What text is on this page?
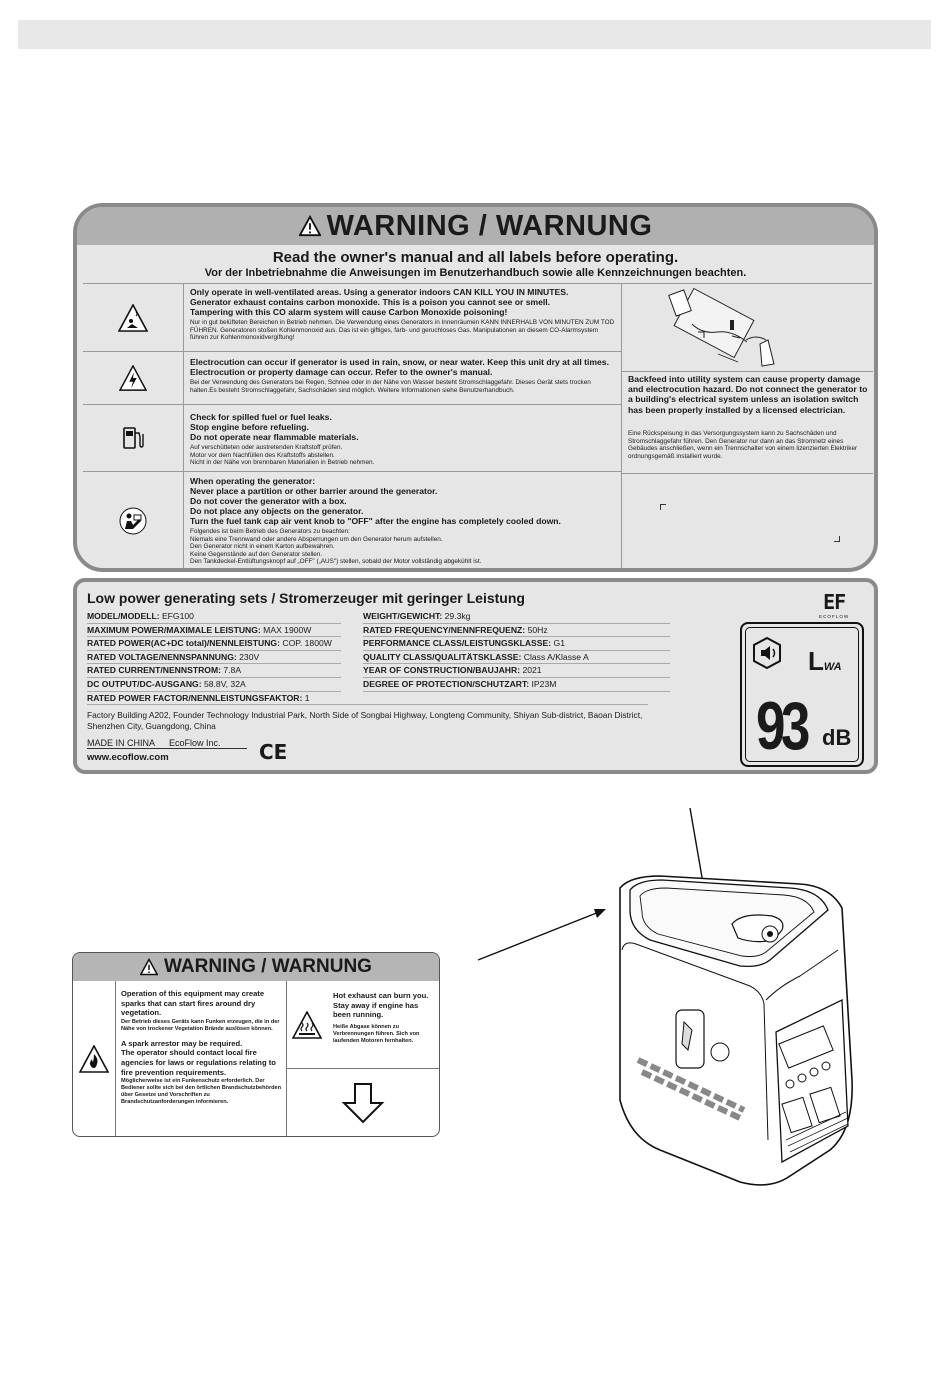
WARNING / WARNUNG
Read the owner's manual and all labels before operating.
Vor der Inbetriebnahme die Anweisungen im Benutzerhandbuch sowie alle Kennzeichnungen beachten.
Only operate in well-ventilated areas. Using a generator indoors CAN KILL YOU IN MINUTES.
Generator exhaust contains carbon monoxide. This is a poison you cannot see or smell.
Tampering with this CO alarm system will cause Carbon Monoxide poisoning!
Nur in gut belüfteten Bereichen in Betrieb nehmen. Die Verwendung eines Generators in Innenräumen KANN INNERHALB VON MINUTEN ZUM TOD FÜHREN. Generatoren stoßen Kohlenmonoxid aus. Das ist ein giftiges, farb- und geruchloses Gas. Manipulationen an diesem CO-Alarmsystem führen zur Kohlenmonoxidvergiftung!
Electrocution can occur if generator is used in rain, snow, or near water. Keep this unit dry at all times.
Electrocution or property damage can occur. Refer to the owner's manual.
Bei der Verwendung des Generators bei Regen, Schnee oder in der Nähe von Wasser besteht Stromschlaggefahr. Dieses Gerät stets trocken halten.Es besteht Stromschlaggefahr, Sachschäden sind möglich. Weitere Informationen siehe Benutzerhandbuch.
Check for spilled fuel or fuel leaks.
Stop engine before refueling.
Do not operate near flammable materials.
Auf verschütteten oder austretenden Kraftstoff prüfen.
Motor vor dem Nachfüllen des Kraftstoffs abstellen.
Nicht in der Nähe von brennbaren Materialien in Betrieb nehmen.
When operating the generator:
Never place a partition or other barrier around the generator.
Do not cover the generator with a box.
Do not place any objects on the generator.
Turn the fuel tank cap air vent knob to "OFF" after the engine has completely cooled down.
Folgendes ist beim Betrieb des Generators zu beachten:
Niemals eine Trennwand oder andere Absperrungen um den Generator herum aufstellen.
Den Generator nicht in einem Karton aufbewahren.
Keine Gegenstände auf den Generator stellen.
Den Tankdeckel-Entlüftungsknopf auf „OFF" („AUS") stellen, sobald der Motor vollständig abgekühlt ist.
Backfeed into utility system can cause property damage and electrocution hazard. Do not connect the generator to a building's electrical system unless an isolation switch has been properly installed by a licensed electrician.
Eine Rückspeisung in das Versorgungssystem kann zu Sachschäden und Stromschlaggefahr führen. Den Generator nur dann an das Stromnetz eines Gebäudes anschließen, wenn ein Trennschalter von einem lizenzierten Elektriker ordnungsgemäß installiert wurde.
Low power generating sets / Stromerzeuger mit geringer Leistung
MODEL/MODELL: EFG100
MAXIMUM POWER/MAXIMALE LEISTUNG: MAX 1900W
RATED POWER(AC+DC total)/NENNLEISTUNG: COP. 1800W
RATED VOLTAGE/NENNSPANNUNG: 230V
RATED CURRENT/NENNSTROM: 7.8A
DC OUTPUT/DC-AUSGANG: 58.8V, 32A
RATED POWER FACTOR/NENNLEISTUNGSFAKTOR: 1
WEIGHT/GEWICHT: 29.3kg
RATED FREQUENCY/NENNFREQUENZ: 50Hz
PERFORMANCE CLASS/LEISTUNGSKLASSE: G1
QUALITY CLASS/QUALITÄTSKLASSE: Class A/Klasse A
YEAR OF CONSTRUCTION/BAUJAHR: 2021
DEGREE OF PROTECTION/SCHUTZART: IP23M
Factory Building A202, Founder Technology Industrial Park, North Side of Songbai Highway, Longteng Community, Shiyan Sub-district, Baoan District, Shenzhen City, Guangdong, China
MADE IN CHINA EcoFlow Inc.
www.ecoflow.com	CE
EF
ECOFLOW
LWA
93 dB
WARNING / WARNUNG
Operation of this equipment may create sparks that can start fires around dry vegetation.
Der Betrieb dieses Geräts kann Funken erzeugen, die in der Nähe von trockener Vegetation Brände auslösen können.
A spark arrestor may be required.
The operator should contact local fire agencies for laws or regulations relating to fire prevention requirements.
Möglicherweise ist ein Funkenschutz erforderlich. Der Bediener sollte sich bei den örtlichen Brandschutzbehörden über Gesetze und Vorschriften zu Brandschutzanforderungen informieren.
Hot exhaust can burn you. Stay away if engine has been running.
Heiße Abgase können zu Verbrennungen führen. Sich von laufenden Motoren fernhalten.
